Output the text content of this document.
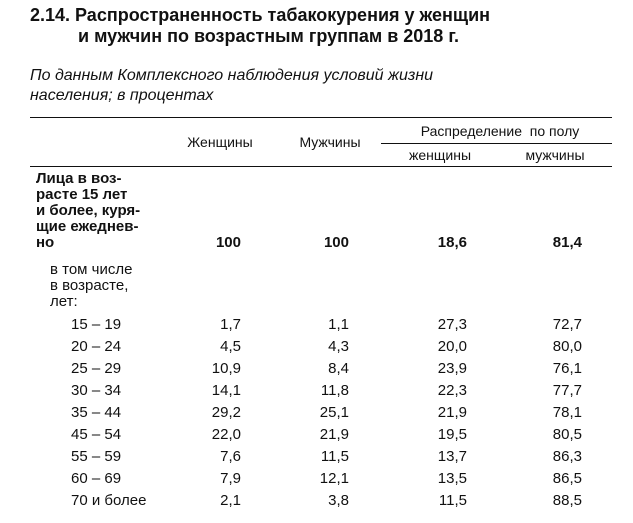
2.14. Распространенность табакокурения у женщин
и мужчин по возрастным группам в 2018 г.
По данным Комплексного наблюдения условий жизни
населения; в процентах
Женщины	Мужчины
Распределение  по полу
женщины	мужчины
Лица в воз-
расте 15 лет
и более, куря-
щие ежеднев-
но	100	100	18,6	81,4
в том числе
в возрасте,
лет:
15 – 19	1,7	1,1	27,3	72,7
20 – 24	4,5	4,3	20,0	80,0
25 – 29	10,9	8,4	23,9	76,1
30 – 34	14,1	11,8	22,3	77,7
35 – 44	29,2	25,1	21,9	78,1
45 – 54	22,0	21,9	19,5	80,5
55 – 59	7,6	11,5	13,7	86,3
60 – 69	7,9	12,1	13,5	86,5
70 и более	2,1	3,8	11,5	88,5
